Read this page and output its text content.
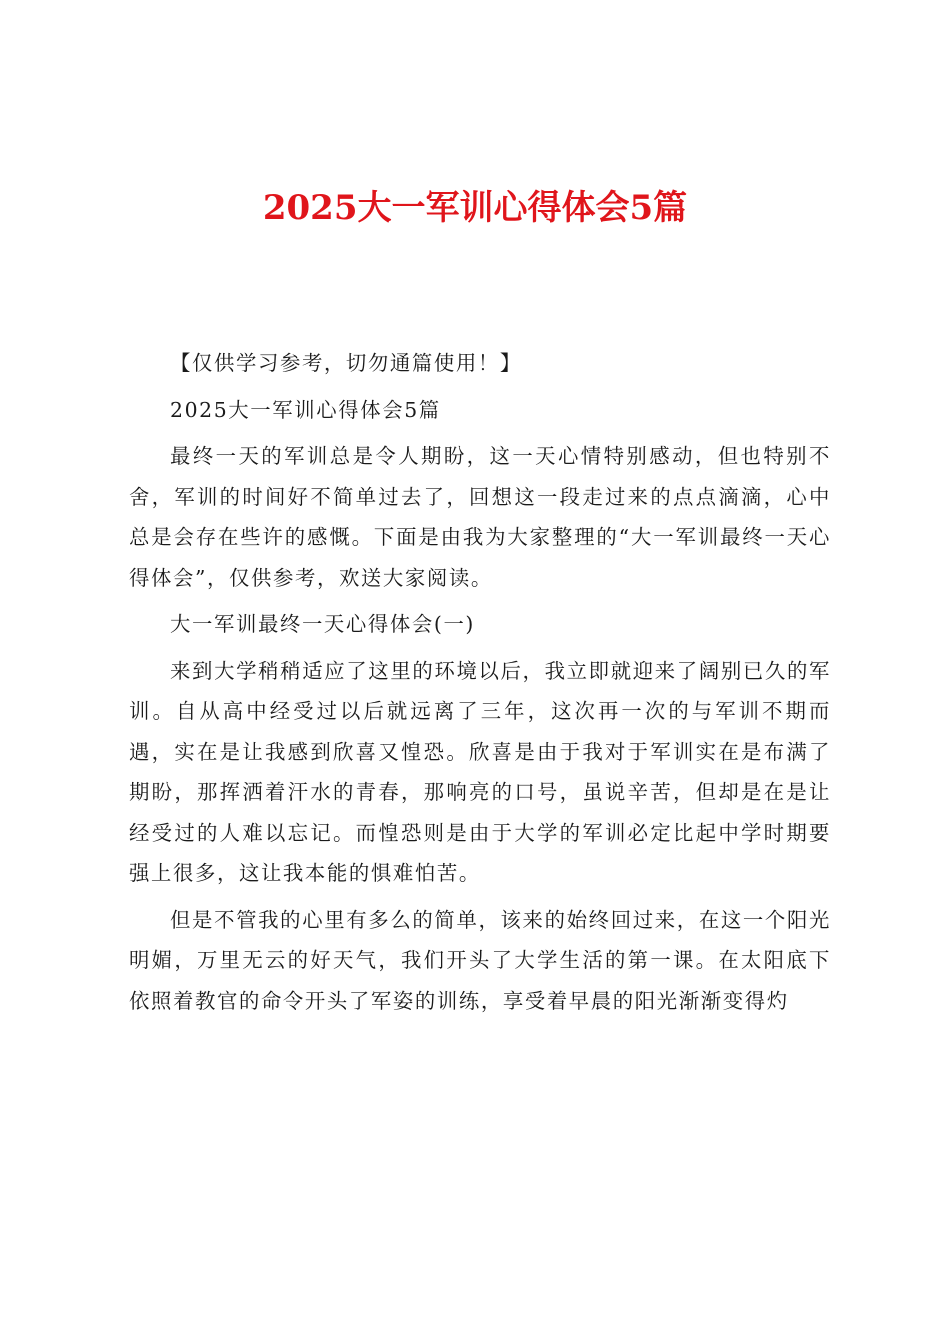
2025大一军训心得体会5篇

【仅供学习参考，切勿通篇使用！】

2025大一军训心得体会5篇

最终一天的军训总是令人期盼，这一天心情特别感动，但也特别不舍，军训的时间好不简单过去了，回想这一段走过来的点点滴滴，心中总是会存在些许的感慨。下面是由我为大家整理的“大一军训最终一天心得体会”，仅供参考，欢送大家阅读。

大一军训最终一天心得体会(一)

来到大学稍稍适应了这里的环境以后，我立即就迎来了阔别已久的军训。自从高中经受过以后就远离了三年，这次再一次的与军训不期而遇，实在是让我感到欣喜又惶恐。欣喜是由于我对于军训实在是布满了期盼，那挥洒着汗水的青春，那响亮的口号，虽说辛苦，但却是在是让经受过的人难以忘记。而惶恐则是由于大学的军训必定比起中学时期要强上很多，这让我本能的惧难怕苦。

但是不管我的心里有多么的简单，该来的始终回过来，在这一个阳光明媚，万里无云的好天气，我们开头了大学生活的第一课。在太阳底下依照着教官的命令开头了军姿的训练，享受着早晨的阳光渐渐变得灼
